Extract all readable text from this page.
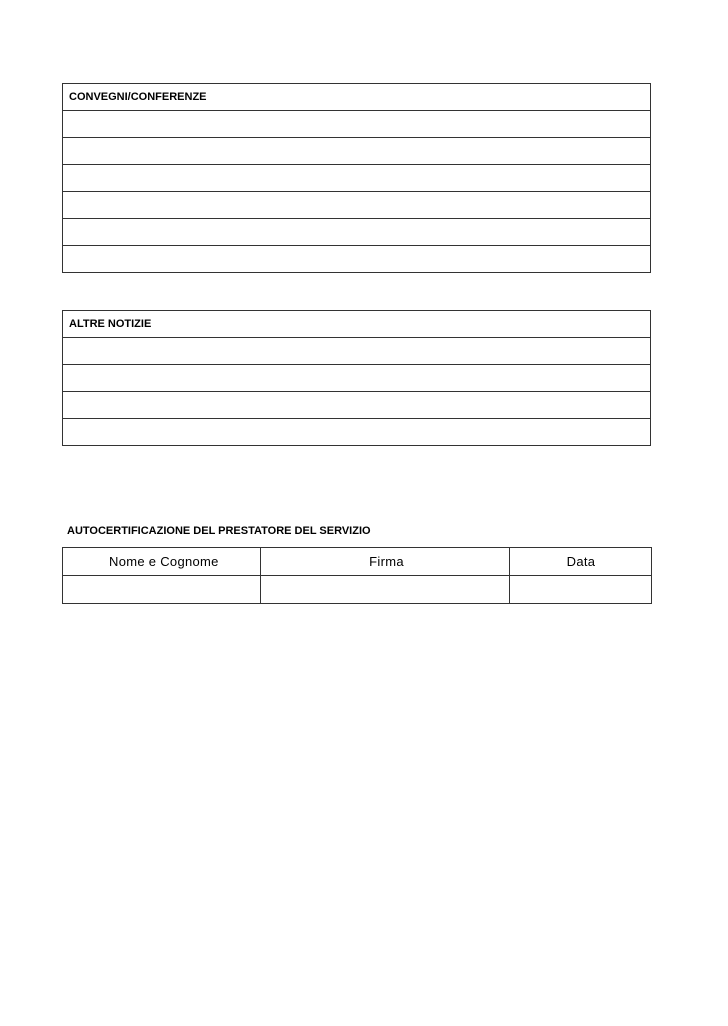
CONVEGNI/CONFERENZE

ALTRE NOTIZIE

AUTOCERTIFICAZIONE DEL PRESTATORE DEL SERVIZIO
Nome e Cognome	Firma	Data
